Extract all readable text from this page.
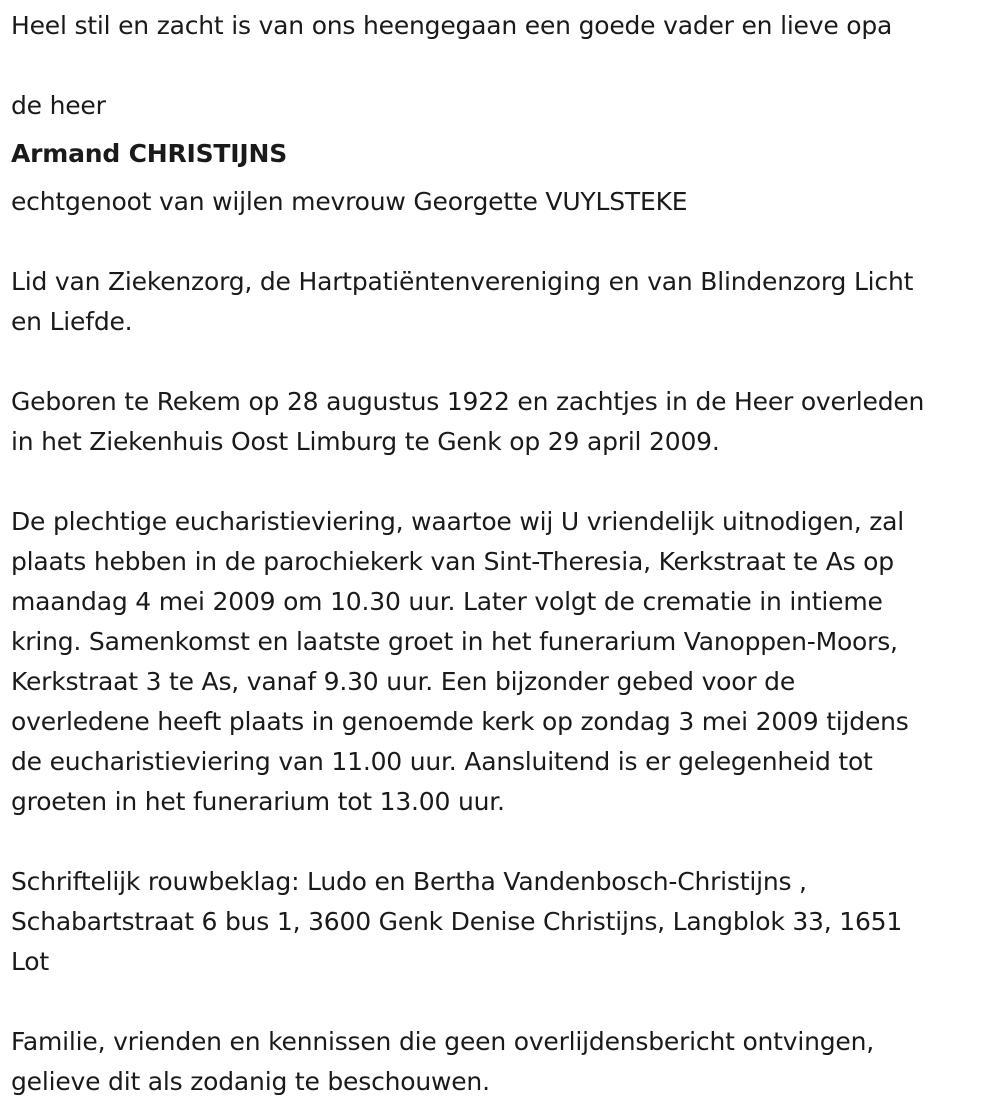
Heel stil en zacht is van ons heengegaan een goede vader en lieve opa

de heer

Armand CHRISTIJNS

echtgenoot van wijlen mevrouw Georgette VUYLSTEKE

Lid van Ziekenzorg, de Hartpatiëntenvereniging en van Blindenzorg Licht

en Liefde.

Geboren te Rekem op 28 augustus 1922 en zachtjes in de Heer overleden

in het Ziekenhuis Oost Limburg te Genk op 29 april 2009.

De plechtige eucharistieviering, waartoe wij U vriendelijk uitnodigen, zal

plaats hebben in de parochiekerk van Sint-Theresia, Kerkstraat te As op

maandag 4 mei 2009 om 10.30 uur. Later volgt de crematie in intieme

kring. Samenkomst en laatste groet in het funerarium Vanoppen-Moors,

Kerkstraat 3 te As, vanaf 9.30 uur. Een bijzonder gebed voor de

overledene heeft plaats in genoemde kerk op zondag 3 mei 2009 tijdens

de eucharistieviering van 11.00 uur. Aansluitend is er gelegenheid tot

groeten in het funerarium tot 13.00 uur.

Schriftelijk rouwbeklag: Ludo en Bertha Vandenbosch-Christijns ,

Schabartstraat 6 bus 1, 3600 Genk Denise Christijns, Langblok 33, 1651

Lot

Familie, vrienden en kennissen die geen overlijdensbericht ontvingen,

gelieve dit als zodanig te beschouwen.
